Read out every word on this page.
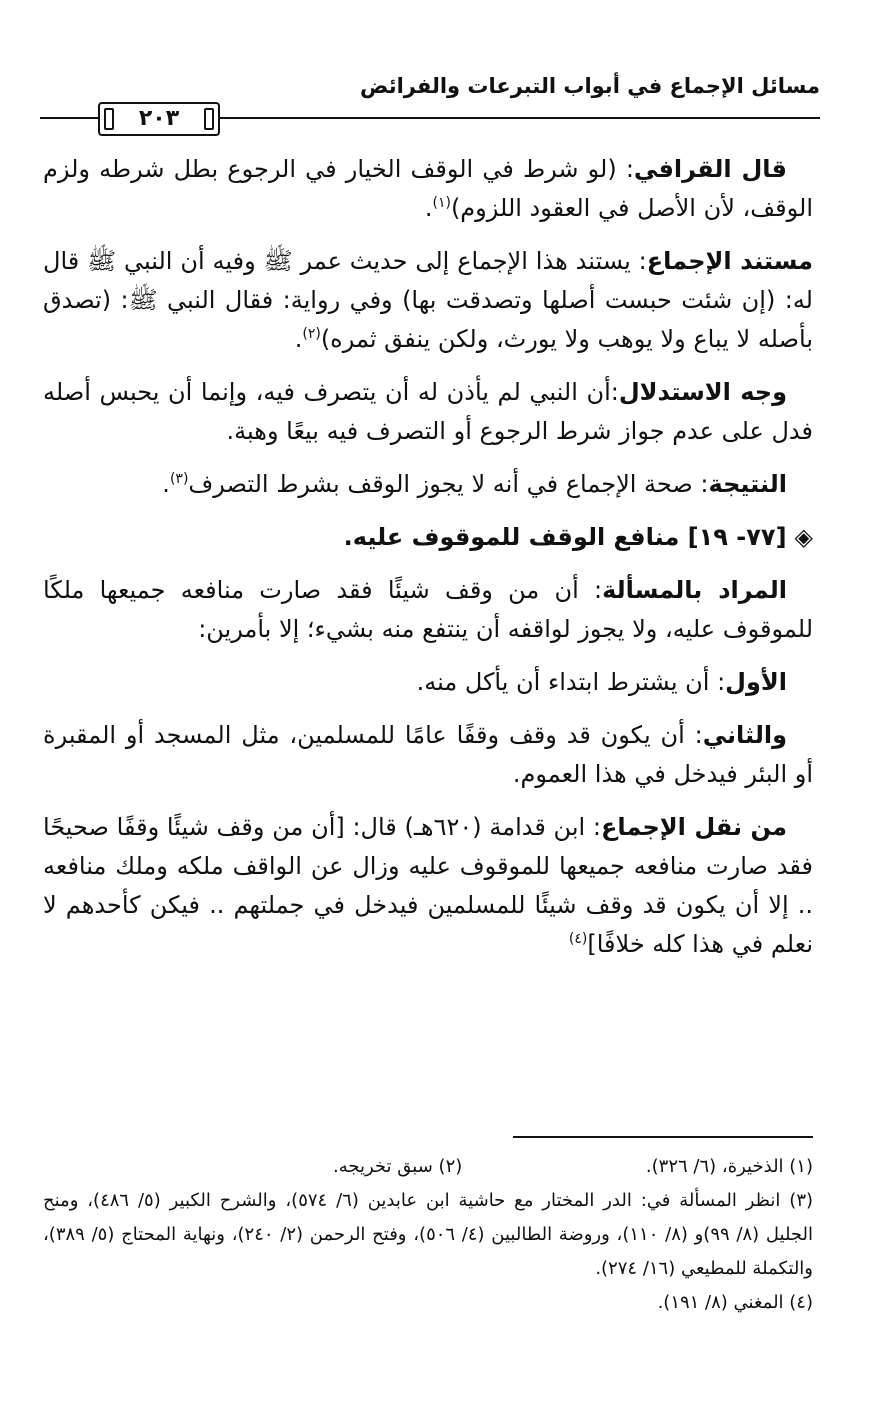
مسائل الإجماع في أبواب التبرعات والفرائض
٢٠٣

قال القرافي: (لو شرط في الوقف الخيار في الرجوع بطل شرطه ولزم الوقف، لأن الأصل في العقود اللزوم)$^{(١)}$.

مستند الإجماع: يستند هذا الإجماع إلى حديث عمر ﷺ وفيه أن النبي ﷺ قال له: (إن شئت حبست أصلها وتصدقت بها) وفي رواية: فقال النبي ﷺ: (تصدق بأصله لا يباع ولا يوهب ولا يورث، ولكن ينفق ثمره)$^{(٢)}$.

وجه الاستدلال:أن النبي لم يأذن له أن يتصرف فيه، وإنما أن يحبس أصله فدل على عدم جواز شرط الرجوع أو التصرف فيه بيعًا وهبة.

النتيجة: صحة الإجماع في أنه لا يجوز الوقف بشرط التصرف$^{(٣)}$.

◈[٧٧- ١٩] منافع الوقف للموقوف عليه.

المراد بالمسألة: أن من وقف شيئًا فقد صارت منافعه جميعها ملكًا للموقوف عليه، ولا يجوز لواقفه أن ينتفع منه بشيء؛ إلا بأمرين:

الأول: أن يشترط ابتداء أن يأكل منه.

والثاني: أن يكون قد وقف وقفًا عامًا للمسلمين، مثل المسجد أو المقبرة أو البئر فيدخل في هذا العموم.

من نقل الإجماع: ابن قدامة (٦٢٠هـ) قال: [أن من وقف شيئًا وقفًا صحيحًا فقد صارت منافعه جميعها للموقوف عليه وزال عن الواقف ملكه وملك منافعه .. إلا أن يكون قد وقف شيئًا للمسلمين فيدخل في جملتهم .. فيكن كأحدهم لا نعلم في هذا كله خلافًا]$^{(٤)}$

(١) الذخيرة، (٦/ ٣٢٦).
(٢) سبق تخريجه.

(٣) انظر المسألة في: الدر المختار مع حاشية ابن عابدين (٦/ ٥٧٤)، والشرح الكبير (٥/ ٤٨٦)، ومنح الجليل (٨/ ٩٩)و (٨/ ١١٠)، وروضة الطالبين (٤/ ٥٠٦)، وفتح الرحمن (٢/ ٢٤٠)، ونهاية المحتاج (٥/ ٣٨٩)، والتكملة للمطيعي (١٦/ ٢٧٤).

(٤) المغني (٨/ ١٩١).
